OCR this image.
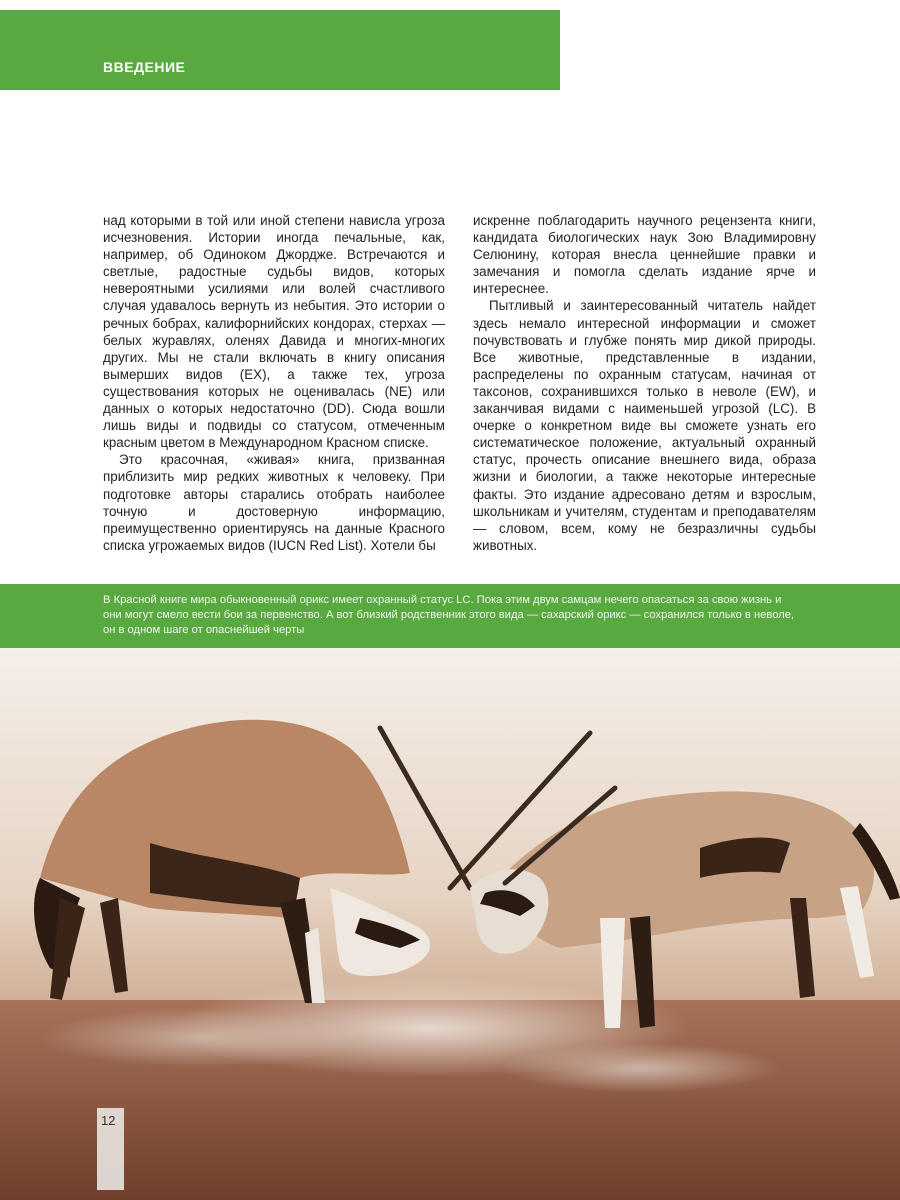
ВВЕДЕНИЕ

над которыми в той или иной степени нависла угроза исчезновения. Истории иногда печальные, как, например, об Одиноком Джордже. Встречаются и светлые, радостные судьбы видов, которых невероятными усилиями или волей счастливого случая удавалось вернуть из небытия. Это истории о речных бобрах, калифорнийских кондорах, стерхах — белых журавлях, оленях Давида и многих-многих других. Мы не стали включать в книгу описания вымерших видов (EX), а также тех, угроза существования которых не оценивалась (NE) или данных о которых недостаточно (DD). Сюда вошли лишь виды и подвиды со статусом, отмеченным красным цветом в Международном Красном списке.

Это красочная, «живая» книга, призванная приблизить мир редких животных к человеку. При подготовке авторы старались отобрать наиболее точную и достоверную информацию, преимущественно ориентируясь на данные Красного списка угрожаемых видов (IUCN Red List). Хотели бы

искренне поблагодарить научного рецензента книги, кандидата биологических наук Зою Владимировну Селюнину, которая внесла ценнейшие правки и замечания и помогла сделать издание ярче и интереснее.

Пытливый и заинтересованный читатель найдет здесь немало интересной информации и сможет почувствовать и глубже понять мир дикой природы. Все животные, представленные в издании, распределены по охранным статусам, начиная от таксонов, сохранившихся только в неволе (EW), и заканчивая видами с наименьшей угрозой (LC). В очерке о конкретном виде вы сможете узнать его систематическое положение, актуальный охранный статус, прочесть описание внешнего вида, образа жизни и биологии, а также некоторые интересные факты. Это издание адресовано детям и взрослым, школьникам и учителям, студентам и преподавателям — словом, всем, кому не безразличны судьбы животных.

В Красной книге мира обыкновенный орикс имеет охранный статус LC. Пока этим двум самцам нечего опасаться за свою жизнь и они могут смело вести бои за первенство. А вот близкий родственник этого вида — сахарский орикс — сохранился только в неволе, он в одном шаге от опаснейшей черты
12
